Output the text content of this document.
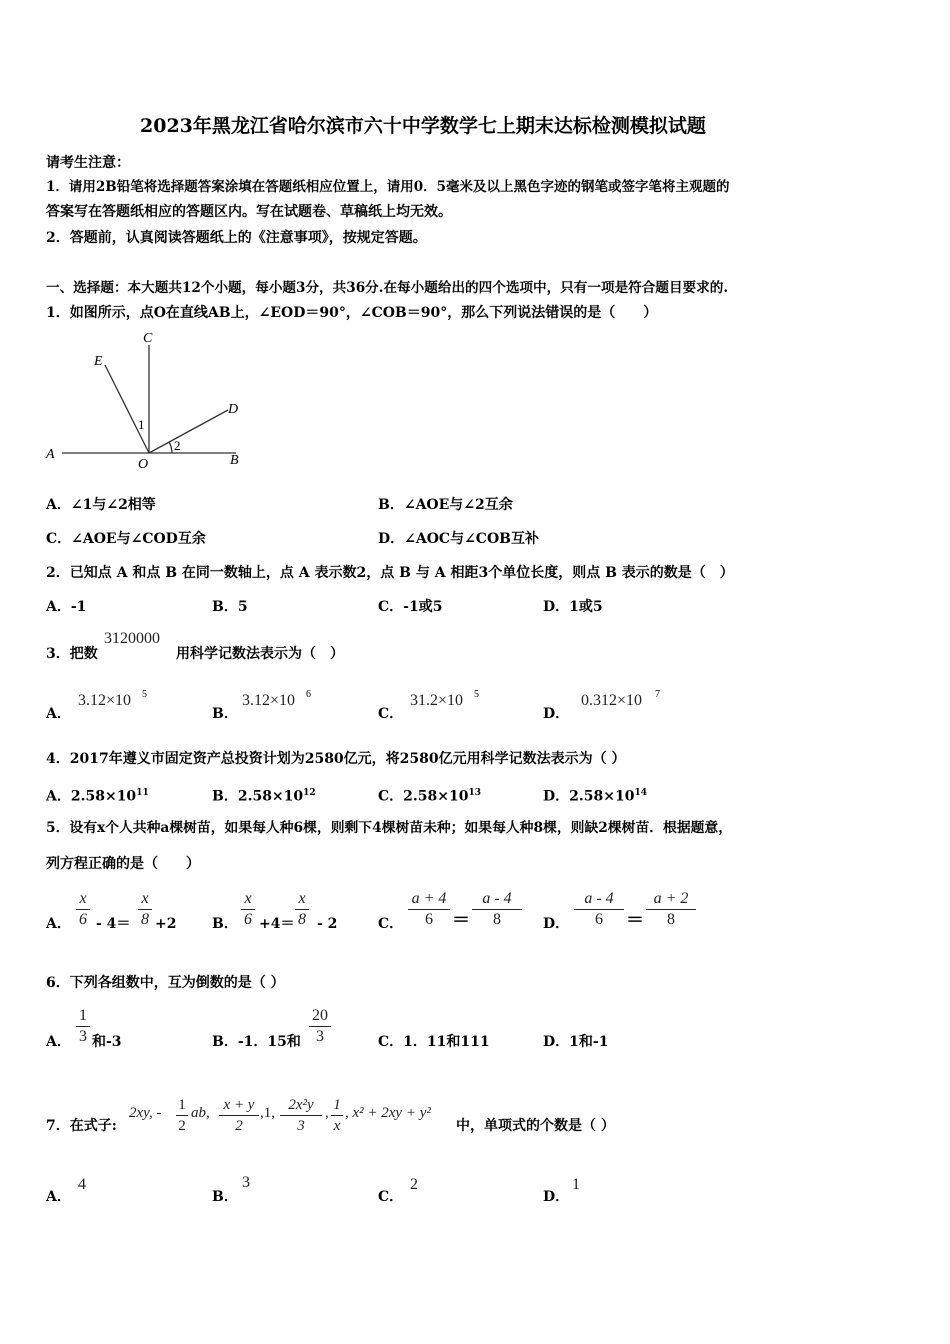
2023年黑龙江省哈尔滨市六十中学数学七上期末达标检测模拟试题
请考生注意：
1．请用2B铅笔将选择题答案涂填在答题纸相应位置上，请用0．5毫米及以上黑色字迹的钢笔或签字笔将主观题的
答案写在答题纸相应的答题区内。写在试题卷、草稿纸上均无效。
2．答题前，认真阅读答题纸上的《注意事项》，按规定答题。
一、选择题：本大题共12个小题，每小题3分，共36分.在每小题给出的四个选项中，只有一项是符合题目要求的.
1．如图所示，点O在直线AB上，∠EOD＝90°，∠COB＝90°，那么下列说法错误的是（　　）
A	B
C
D
E
O
1
2
A．∠1与∠2相等	B．∠AOE与∠2互余
C．∠AOE与∠COD互余	D．∠AOC与∠COB互补
2．已知点 A 和点 B 在同一数轴上，点 A 表示数2，点 B 与 A 相距3个单位长度，则点 B 表示的数是（　）
A．-1	B．5	C．-1或5	D．1或5
3．把数
3120000
用科学记数法表示为（　）
A．
3.12×10 5
B．
3.12×10 6
C．
31.2×10 5
D．
0.312×10 7
4．2017年遵义市固定资产总投资计划为2580亿元，将2580亿元用科学记数法表示为（ ）
A．$2.58\times 10^{11}$	B．$2.58\times 10^{12}$	C．$2.58\times 10^{13}$	D．$2.58\times 10^{14}$
5．设有x个人共种a棵树苗，如果每人种6棵，则剩下4棵树苗未种；如果每人种8棵，则缺2棵树苗．根据题意，
列方程正确的是（　　）
A．
x
6 - 4＝
x
8 +2	B．
x
6 +4＝
x
8 - 2	C．
a + 4
6	＝
a - 4
8	D．
a - 4
6	＝
a + 2
8
6．下列各组数中，互为倒数的是（ ）
A．
1
3 和-3	B．-1．15和
20
3	C．1．11和111	D．1和-1
7．在式子:
2xy, - 1
2
ab, x + y
2
,1, 2x²y
3
, 1
x
, x² + 2xy + y²
中，单项式的个数是（ ）
A．
4
B．
3
C．
2
D．
1
